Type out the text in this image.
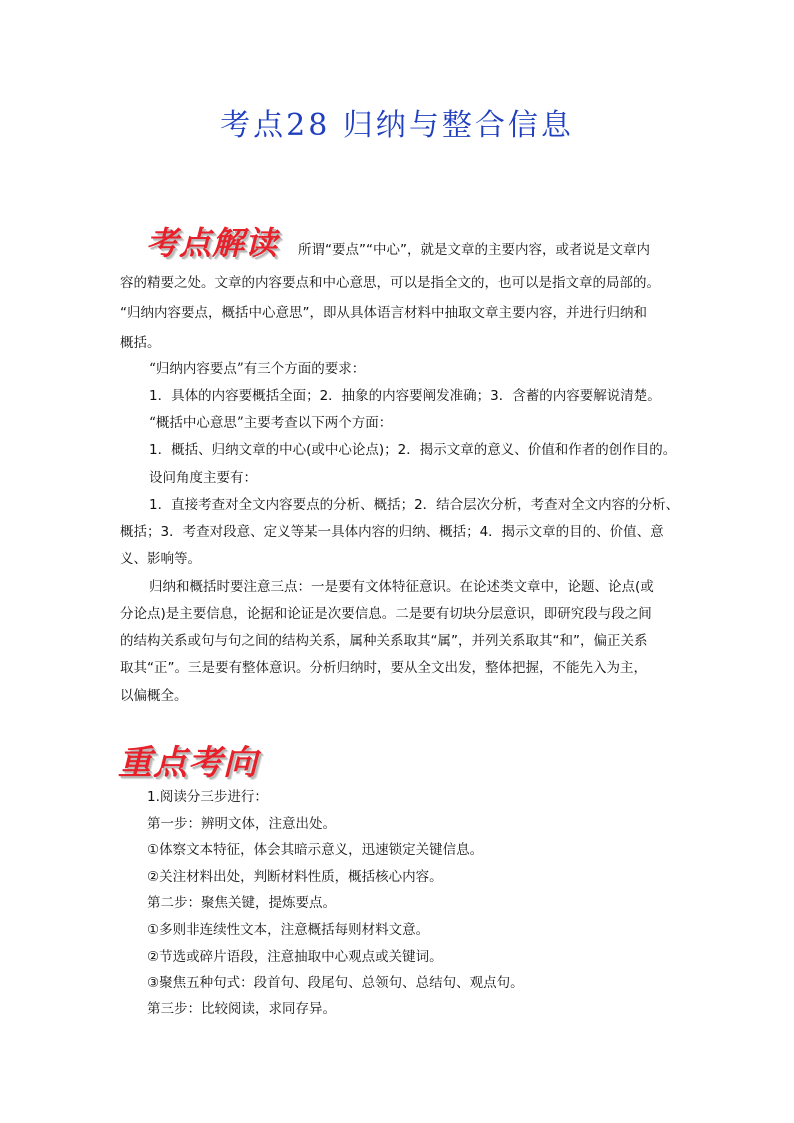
考点28 归纳与整合信息
考点解读 所谓“要点”“中心”，就是文章的主要内容，或者说是文章内
容的精要之处。文章的内容要点和中心意思，可以是指全文的，也可以是指文章的局部的。
“归纳内容要点，概括中心意思”，即从具体语言材料中抽取文章主要内容，并进行归纳和
概括。
“归纳内容要点”有三个方面的要求：
1．具体的内容要概括全面；2．抽象的内容要阐发准确；3．含蓄的内容要解说清楚。
“概括中心意思”主要考查以下两个方面：
1．概括、归纳文章的中心(或中心论点)；2．揭示文章的意义、价值和作者的创作目的。
设问角度主要有：
1．直接考查对全文内容要点的分析、概括；2．结合层次分析，考查对全文内容的分析、
概括；3．考查对段意、定义等某一具体内容的归纳、概括；4．揭示文章的目的、价值、意
义、影响等。
归纳和概括时要注意三点：一是要有文体特征意识。在论述类文章中，论题、论点(或
分论点)是主要信息，论据和论证是次要信息。二是要有切块分层意识，即研究段与段之间
的结构关系或句与句之间的结构关系，属种关系取其“属”，并列关系取其“和”，偏正关系
取其“正”。三是要有整体意识。分析归纳时，要从全文出发，整体把握，不能先入为主，
以偏概全。
重点考向
1.阅读分三步进行：
第一步：辨明文体，注意出处。
①体察文本特征，体会其暗示意义，迅速锁定关键信息。
②关注材料出处，判断材料性质，概括核心内容。
第二步：聚焦关键，提炼要点。
①多则非连续性文本，注意概括每则材料文意。
②节选或碎片语段，注意抽取中心观点或关键词。
③聚焦五种句式：段首句、段尾句、总领句、总结句、观点句。
第三步：比较阅读，求同存异。
